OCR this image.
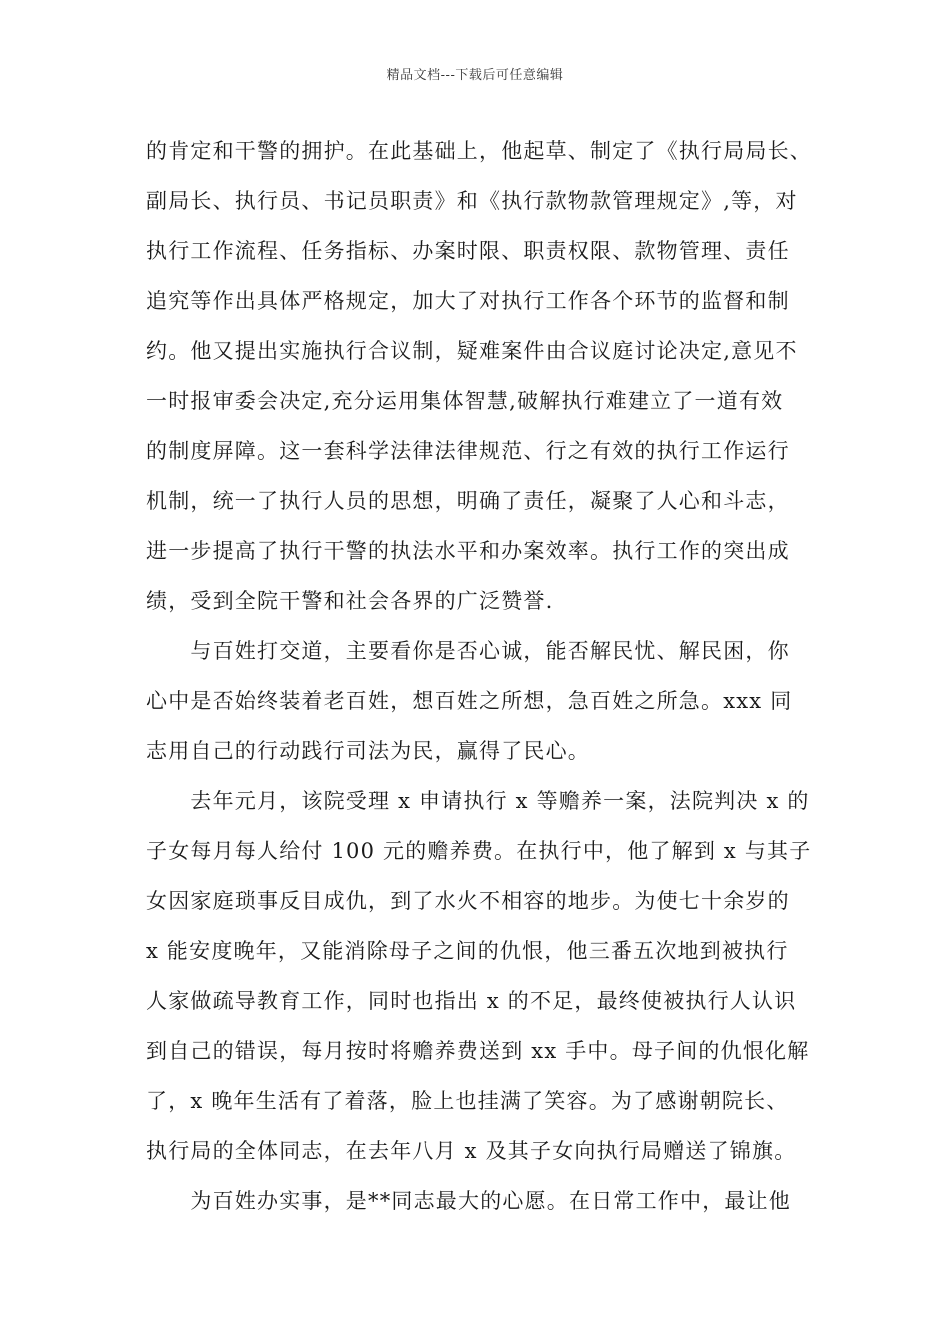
精品文档---下载后可任意编辑
的肯定和干警的拥护。在此基础上，他起草、制定了《执行局局长、
副局长、执行员、书记员职责》和《执行款物款管理规定》,等，对
执行工作流程、任务指标、办案时限、职责权限、款物管理、责任
追究等作出具体严格规定，加大了对执行工作各个环节的监督和制
约。他又提出实施执行合议制，疑难案件由合议庭讨论决定,意见不
一时报审委会决定,充分运用集体智慧,破解执行难建立了一道有效
的制度屏障。这一套科学法律法律规范、行之有效的执行工作运行
机制，统一了执行人员的思想，明确了责任，凝聚了人心和斗志，
进一步提高了执行干警的执法水平和办案效率。执行工作的突出成
绩，受到全院干警和社会各界的广泛赞誉.
　　与百姓打交道，主要看你是否心诚，能否解民忧、解民困，你
心中是否始终装着老百姓，想百姓之所想，急百姓之所急。xxx 同
志用自己的行动践行司法为民，赢得了民心。
　　去年元月，该院受理 x 申请执行 x 等赡养一案，法院判决 x 的
子女每月每人给付 100 元的赡养费。在执行中，他了解到 x 与其子
女因家庭琐事反目成仇，到了水火不相容的地步。为使七十余岁的
x 能安度晚年，又能消除母子之间的仇恨，他三番五次地到被执行
人家做疏导教育工作，同时也指出 x 的不足，最终使被执行人认识
到自己的错误，每月按时将赡养费送到 xx 手中。母子间的仇恨化解
了，x 晚年生活有了着落，脸上也挂满了笑容。为了感谢朝院长、
执行局的全体同志，在去年八月 x 及其子女向执行局赠送了锦旗。
　　为百姓办实事，是**同志最大的心愿。在日常工作中，最让他
